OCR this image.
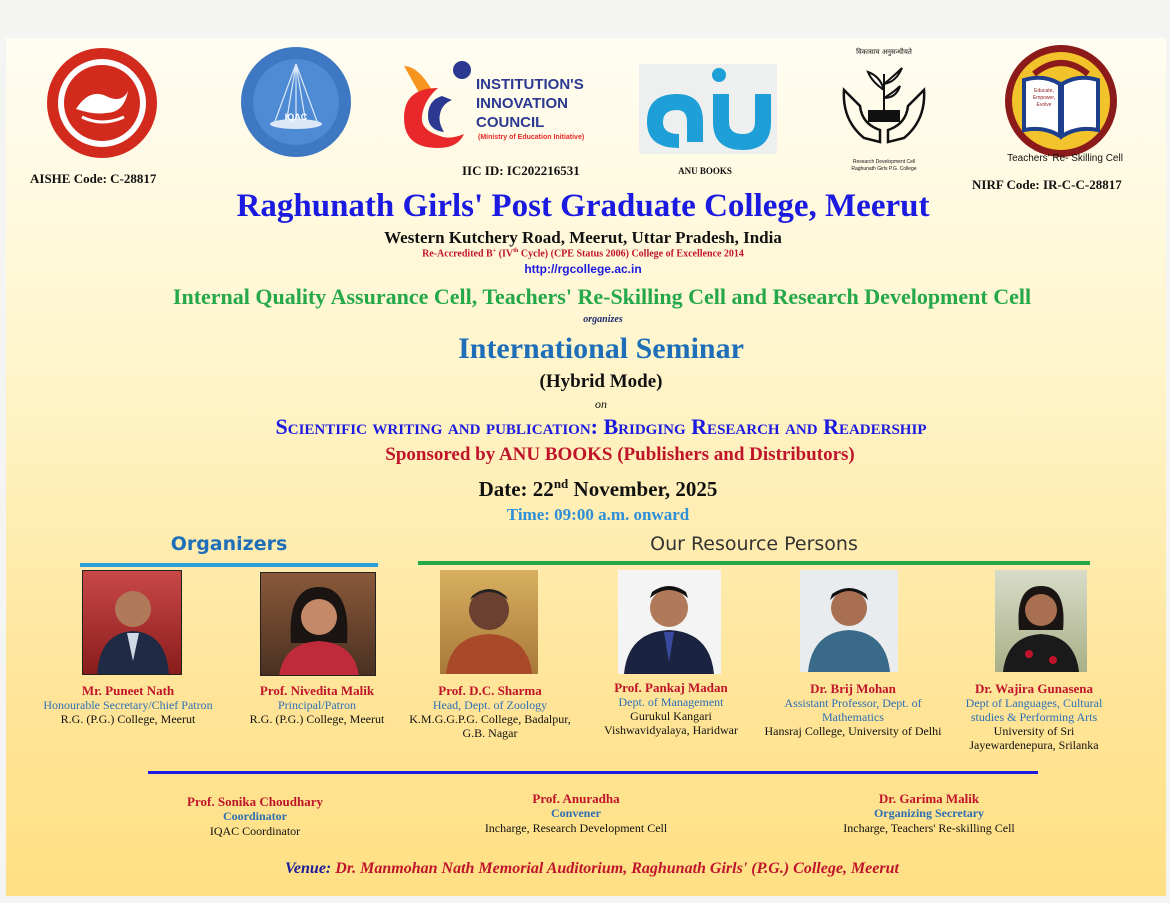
AISHE Code: C-28817
IQAC
INSTITUTION'S
INNOVATION
COUNCIL
(Ministry of Education Initiative)
IIC ID: IC202216531	ANU BOOKS
विकासाय अनुसन्धीयते
Research Development Cell
Raghunath Girls P.G. College
Educate,
Empower,
Evolve
Teachers' Re- Skilling Cell
NIRF Code: IR-C-C-28817
Raghunath Girls' Post Graduate College, Meerut
Western Kutchery Road, Meerut, Uttar Pradesh, India
Re-Accredited B+ (IVth Cycle) (CPE Status 2006) College of Excellence 2014
http://rgcollege.ac.in
Internal Quality Assurance Cell, Teachers' Re-Skilling Cell and Research Development Cell
organizes
International Seminar
(Hybrid Mode)
on
Scientific writing and publication: Bridging Research and Readership
Sponsored by ANU BOOKS (Publishers and Distributors)
Date: 22nd November, 2025
Time: 09:00 a.m. onward
Organizers	Our Resource Persons
Mr. Puneet Nath
Honourable Secretary/Chief Patron
R.G. (P.G.) College, Meerut
Prof. Nivedita Malik
Principal/Patron
R.G. (P.G.) College, Meerut
Prof. D.C. Sharma
Head, Dept. of Zoology
K.M.G.G.P.G. College, Badalpur, G.B. Nagar
Prof. Pankaj Madan
Dept. of Management
Gurukul Kangari Vishwavidyalaya, Haridwar
Dr. Brij Mohan
Assistant Professor, Dept. of Mathematics
Hansraj College, University of Delhi
Dr. Wajira Gunasena
Dept of Languages, Cultural studies & Performing Arts
University of Sri Jayewardenepura, Srilanka
Prof. Sonika Choudhary
Coordinator
IQAC Coordinator
Prof. Anuradha
Convener
Incharge, Research Development Cell
Dr. Garima Malik
Organizing Secretary
Incharge, Teachers' Re-skilling Cell
Venue: Dr. Manmohan Nath Memorial Auditorium, Raghunath Girls' (P.G.) College, Meerut
